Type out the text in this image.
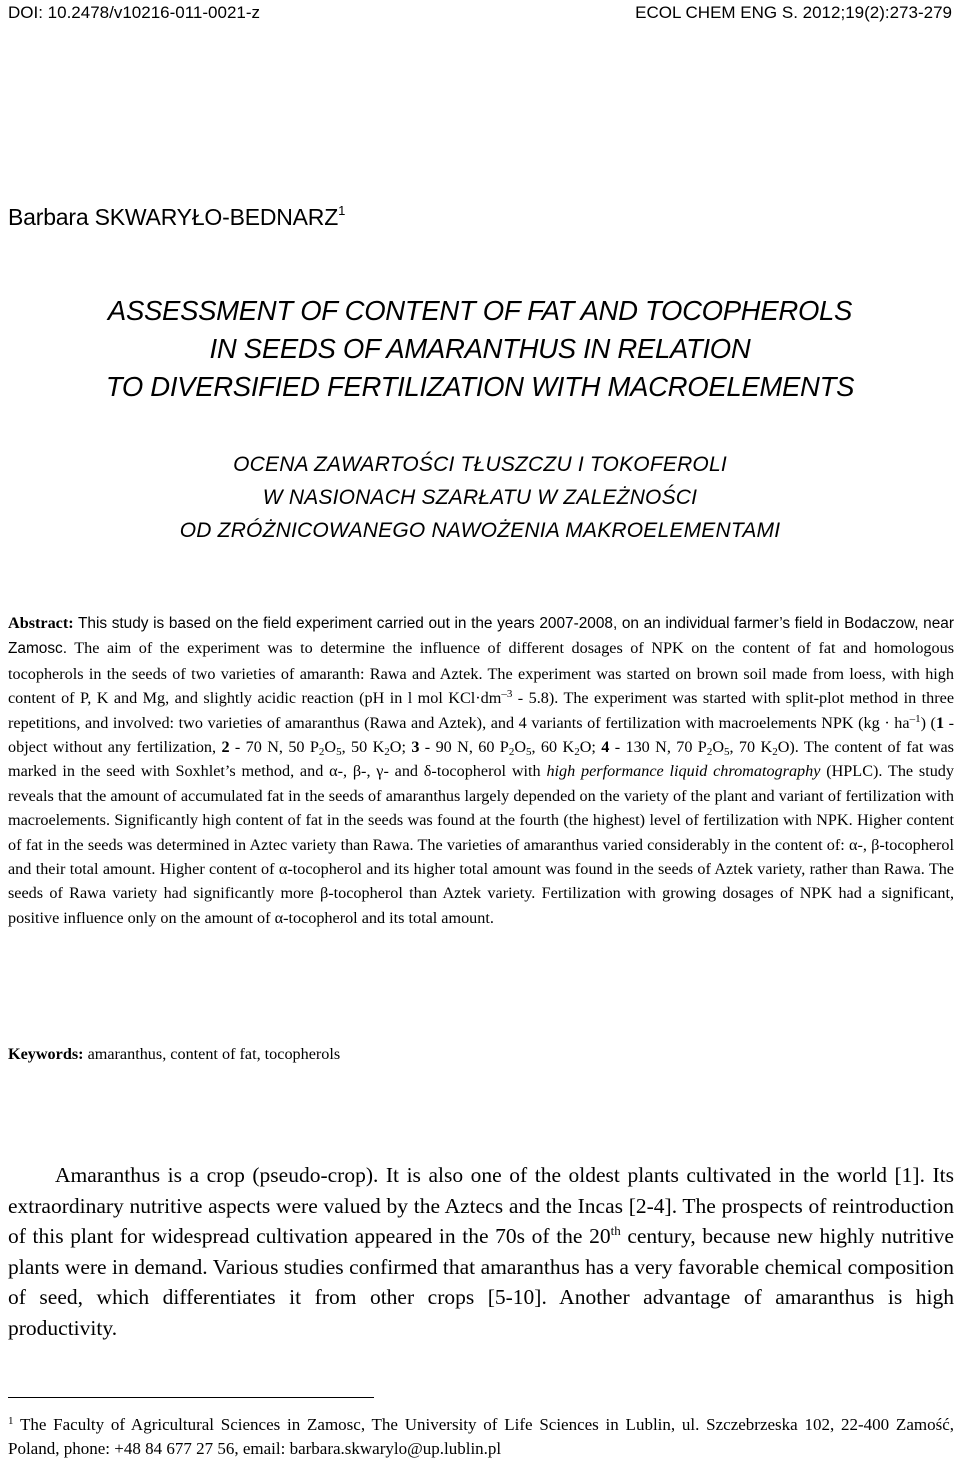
DOI: 10.2478/v10216-011-0021-z	ECOL CHEM ENG S. 2012;19(2):273-279
Barbara SKWARYŁO-BEDNARZ$^1$
ASSESSMENT OF CONTENT OF FAT AND TOCOPHEROLS
IN SEEDS OF AMARANTHUS IN RELATION
TO DIVERSIFIED FERTILIZATION WITH MACROELEMENTS
OCENA ZAWARTOŚCI TŁUSZCZU I TOKOFEROLI
W NASIONACH SZARŁATU W ZALEŻNOŚCI
OD ZRÓŻNICOWANEGO NAWOŻENIA MAKROELEMENTAMI
Abstract: This study is based on the field experiment carried out in the years 2007-2008, on an individual farmer’s field in Bodaczow, near Zamosc. The aim of the experiment was to determine the influence of different dosages of NPK on the content of fat and homologous tocopherols in the seeds of two varieties of amaranth: Rawa and Aztek. The experiment was started on brown soil made from loess, with high content of P, K and Mg, and slightly acidic reaction (pH in l mol $KCl\cdot dm^{-3} - 5.8$). The experiment was started with split-plot method in three repetitions, and involved: two varieties of amaranthus (Rawa and Aztek), and 4 variants of fertilization with macroelements NPK $(kg \cdot ha^{-1})$ (1 - object without any fertilization, 2 - 70 N, 50 $P_2O_5$, 50 $K_2O$; 3 - 90 N, 60 $P_2O_5$, 60 $K_2O$; 4 - 130 N, 70 $P_2O_5$, 70 $K_2O$). The content of fat was marked in the seed with Soxhlet’s method, and α-, β-, γ- and δ-tocopherol with high performance liquid chromatography (HPLC). The study reveals that the amount of accumulated fat in the seeds of amaranthus largely depended on the variety of the plant and variant of fertilization with macroelements. Significantly high content of fat in the seeds was found at the fourth (the highest) level of fertilization with NPK. Higher content of fat in the seeds was determined in Aztec variety than Rawa. The varieties of amaranthus varied considerably in the content of: α-, β-tocopherol and their total amount. Higher content of α-tocopherol and its higher total amount was found in the seeds of Aztek variety, rather than Rawa. The seeds of Rawa variety had significantly more β-tocopherol than Aztek variety. Fertilization with growing dosages of NPK had a significant, positive influence only on the amount of α-tocopherol and its total amount.
Keywords: amaranthus, content of fat, tocopherols
Amaranthus is a crop (pseudo-crop). It is also one of the oldest plants cultivated in the world [1]. Its extraordinary nutritive aspects were valued by the Aztecs and the Incas [2-4]. The prospects of reintroduction of this plant for widespread cultivation appeared in the 70s of the 20th century, because new highly nutritive plants were in demand. Various studies confirmed that amaranthus has a very favorable chemical composition of seed, which differentiates it from other crops [5-10]. Another advantage of amaranthus is high productivity.
$^1$ The Faculty of Agricultural Sciences in Zamosc, The University of Life Sciences in Lublin, ul. Szczebrzeska 102, 22-400 Zamość, Poland, phone: +48 84 677 27 56, email: barbara.skwarylo@up.lublin.pl
